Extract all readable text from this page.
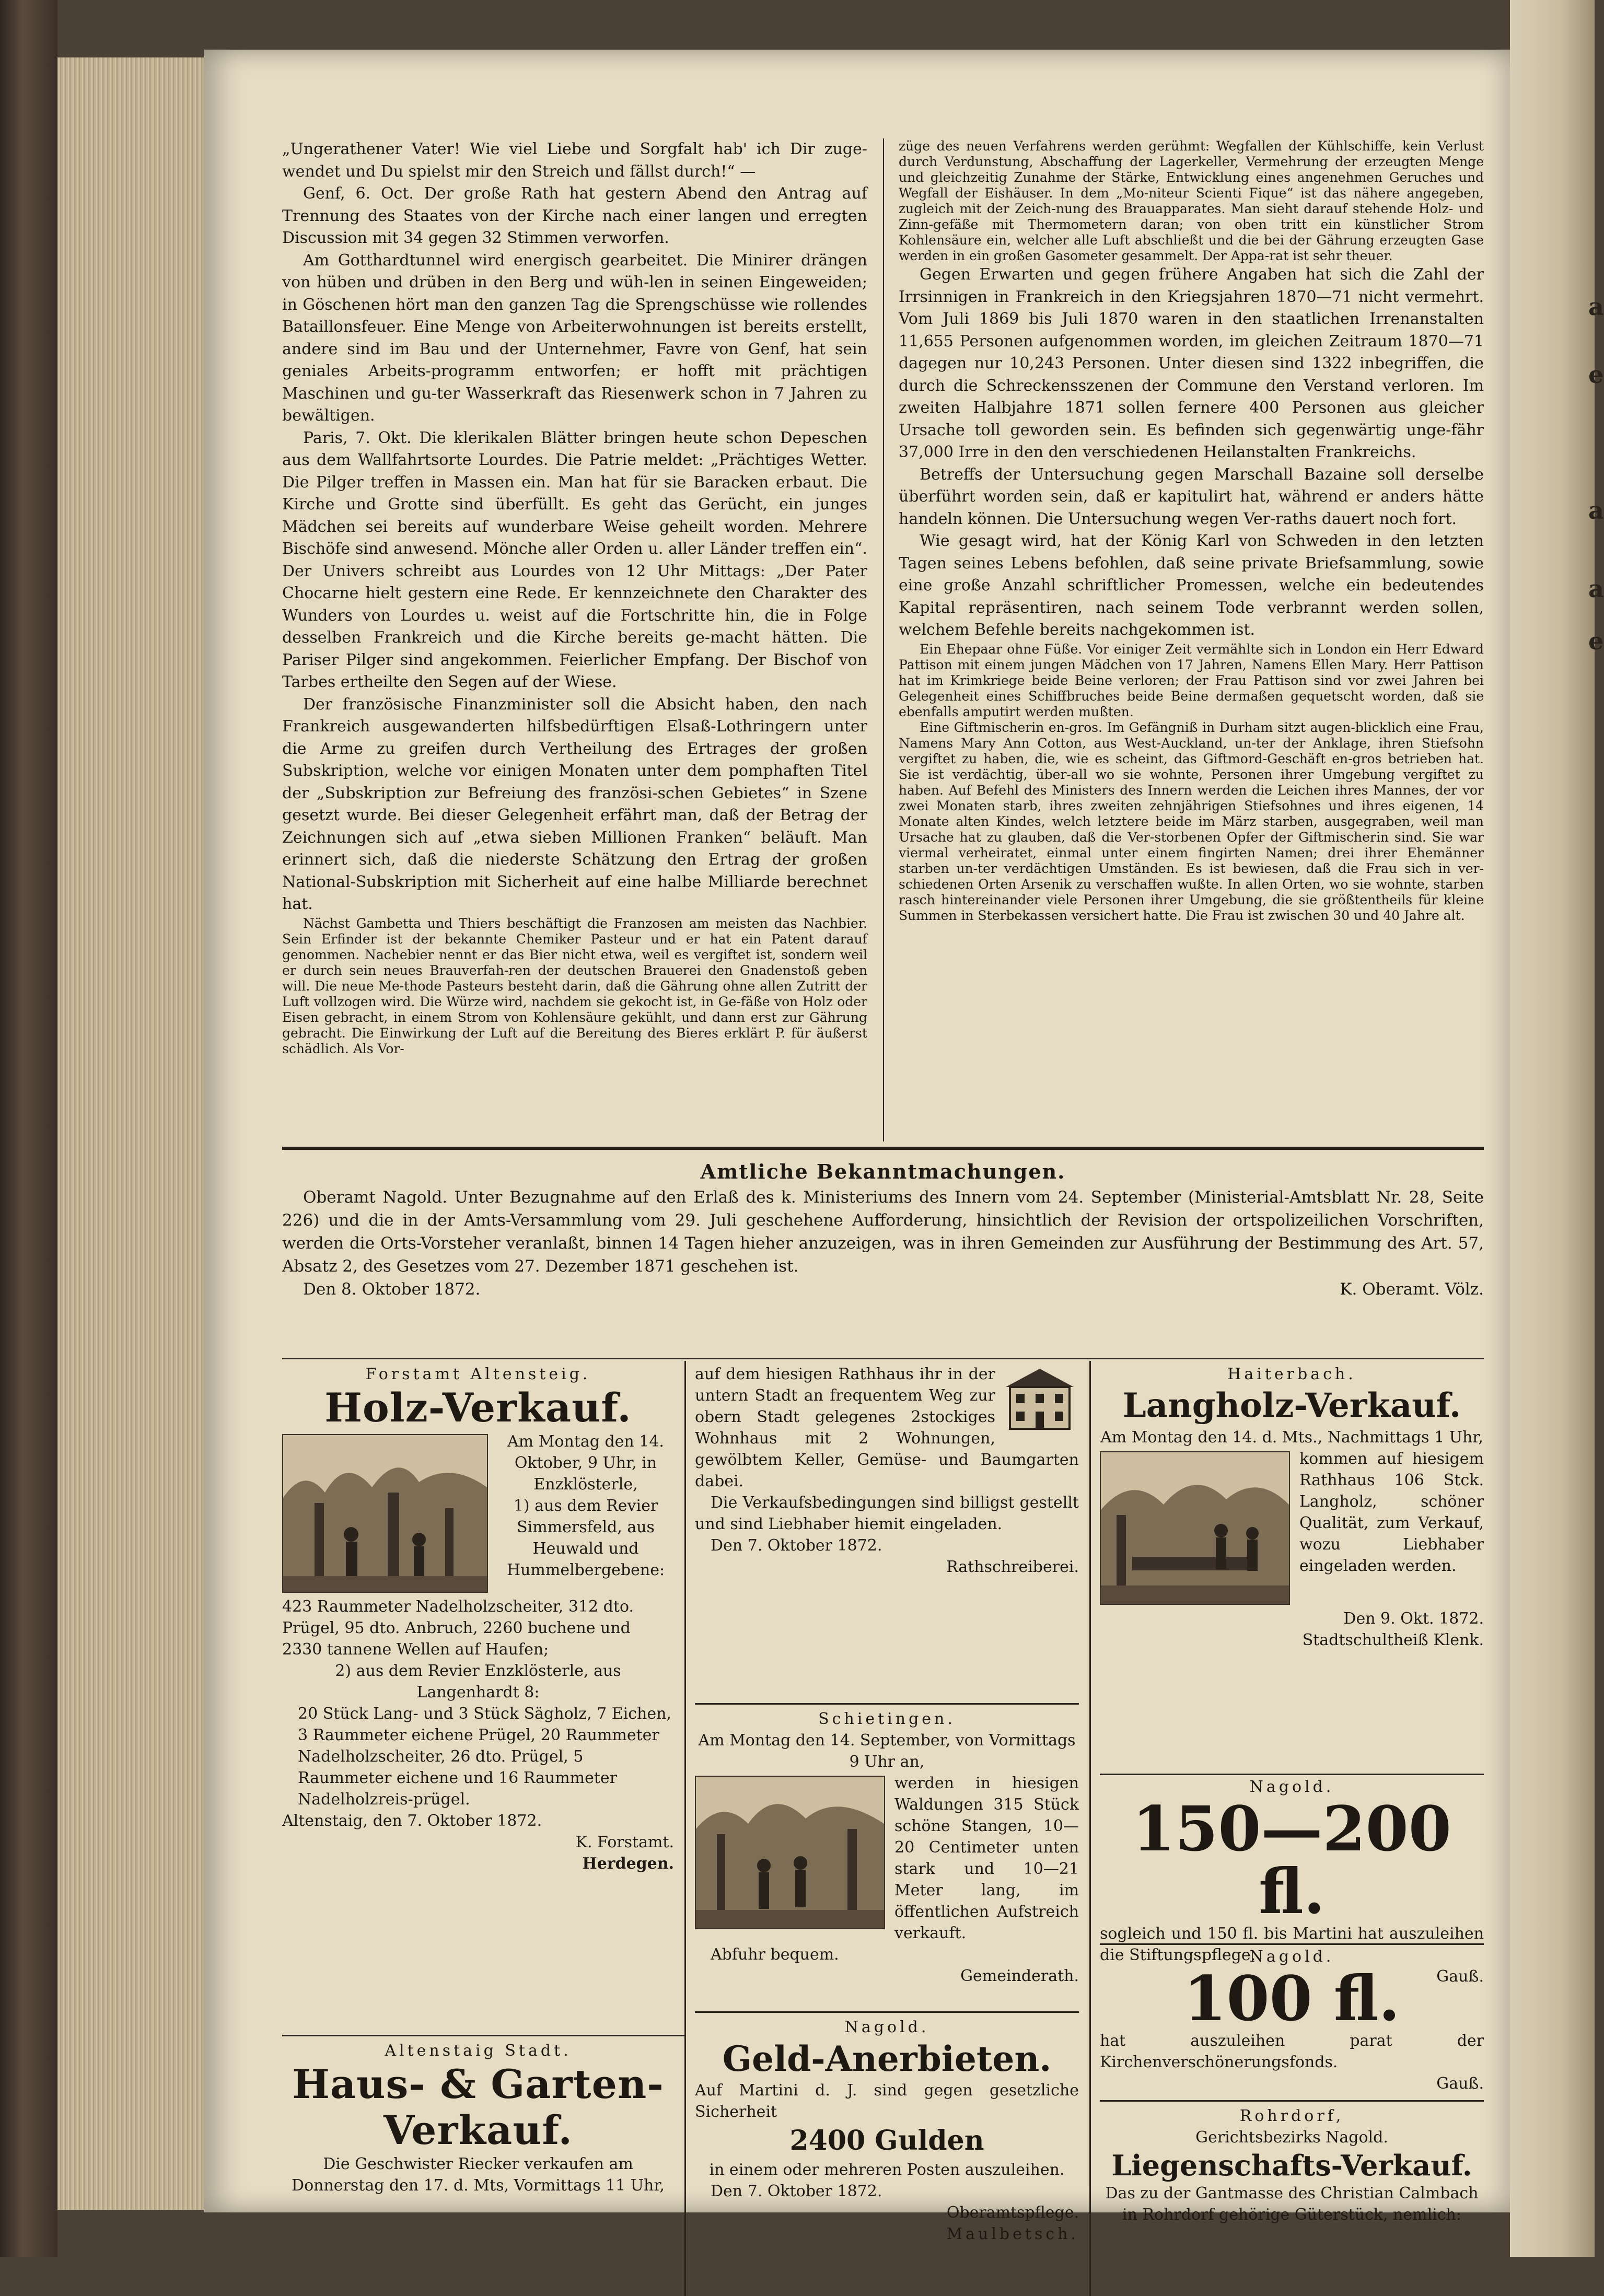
„Ungerathener Vater! Wie viel Liebe und Sorgfalt hab' ich Dir zuge-wendet und Du spielst mir den Streich und fällst durch!“ —

Genf, 6. Oct. Der große Rath hat gestern Abend den Antrag auf Trennung des Staates von der Kirche nach einer langen und erregten Discussion mit 34 gegen 32 Stimmen verworfen.

Am Gotthardtunnel wird energisch gearbeitet. Die Minirer drängen von hüben und drüben in den Berg und wüh-len in seinen Eingeweiden; in Göschenen hört man den ganzen Tag die Sprengschüsse wie rollendes Bataillonsfeuer. Eine Menge von Arbeiterwohnungen ist bereits erstellt, andere sind im Bau und der Unternehmer, Favre von Genf, hat sein geniales Arbeits-programm entworfen; er hofft mit prächtigen Maschinen und gu-ter Wasserkraft das Riesenwerk schon in 7 Jahren zu bewältigen.

Paris, 7. Okt. Die klerikalen Blätter bringen heute schon Depeschen aus dem Wallfahrtsorte Lourdes. Die Patrie meldet: „Prächtiges Wetter. Die Pilger treffen in Massen ein. Man hat für sie Baracken erbaut. Die Kirche und Grotte sind überfüllt. Es geht das Gerücht, ein junges Mädchen sei bereits auf wunderbare Weise geheilt worden. Mehrere Bischöfe sind anwesend. Mönche aller Orden u. aller Länder treffen ein“. Der Univers schreibt aus Lourdes von 12 Uhr Mittags: „Der Pater Chocarne hielt gestern eine Rede. Er kennzeichnete den Charakter des Wunders von Lourdes u. weist auf die Fortschritte hin, die in Folge desselben Frankreich und die Kirche bereits ge-macht hätten. Die Pariser Pilger sind angekommen. Feierlicher Empfang. Der Bischof von Tarbes ertheilte den Segen auf der Wiese.

Der französische Finanzminister soll die Absicht haben, den nach Frankreich ausgewanderten hilfsbedürftigen Elsaß-Lothringern unter die Arme zu greifen durch Vertheilung des Ertrages der großen Subskription, welche vor einigen Monaten unter dem pomphaften Titel der „Subskription zur Befreiung des französi-schen Gebietes“ in Szene gesetzt wurde. Bei dieser Gelegenheit erfährt man, daß der Betrag der Zeichnungen sich auf „etwa sieben Millionen Franken“ beläuft. Man erinnert sich, daß die niederste Schätzung den Ertrag der großen National-Subskription mit Sicherheit auf eine halbe Milliarde berechnet hat.

Nächst Gambetta und Thiers beschäftigt die Franzosen am meisten das Nachbier. Sein Erfinder ist der bekannte Chemiker Pasteur und er hat ein Patent darauf genommen. Nachebier nennt er das Bier nicht etwa, weil es vergiftet ist, sondern weil er durch sein neues Brauverfah-ren der deutschen Brauerei den Gnadenstoß geben will. Die neue Me-thode Pasteurs besteht darin, daß die Gährung ohne allen Zutritt der Luft vollzogen wird. Die Würze wird, nachdem sie gekocht ist, in Ge-fäße von Holz oder Eisen gebracht, in einem Strom von Kohlensäure gekühlt, und dann erst zur Gährung gebracht. Die Einwirkung der Luft auf die Bereitung des Bieres erklärt P. für äußerst schädlich. Als Vor-

züge des neuen Verfahrens werden gerühmt: Wegfallen der Kühlschiffe, kein Verlust durch Verdunstung, Abschaffung der Lagerkeller, Vermehrung der erzeugten Menge und gleichzeitig Zunahme der Stärke, Entwicklung eines angenehmen Geruches und Wegfall der Eishäuser. In dem „Mo-niteur Scienti Fique“ ist das nähere angegeben, zugleich mit der Zeich-nung des Brauapparates. Man sieht darauf stehende Holz- und Zinn-gefäße mit Thermometern daran; von oben tritt ein künstlicher Strom Kohlensäure ein, welcher alle Luft abschließt und die bei der Gährung erzeugten Gase werden in ein großen Gasometer gesammelt. Der Appa-rat ist sehr theuer.

Gegen Erwarten und gegen frühere Angaben hat sich die Zahl der Irrsinnigen in Frankreich in den Kriegsjahren 1870—71 nicht vermehrt. Vom Juli 1869 bis Juli 1870 waren in den staatlichen Irrenanstalten 11,655 Personen aufgenommen worden, im gleichen Zeitraum 1870—71 dagegen nur 10,243 Personen. Unter diesen sind 1322 inbegriffen, die durch die Schreckensszenen der Commune den Verstand verloren. Im zweiten Halbjahre 1871 sollen fernere 400 Personen aus gleicher Ursache toll geworden sein. Es befinden sich gegenwärtig unge-fähr 37,000 Irre in den den verschiedenen Heilanstalten Frankreichs.

Betreffs der Untersuchung gegen Marschall Bazaine soll derselbe überführt worden sein, daß er kapitulirt hat, während er anders hätte handeln können. Die Untersuchung wegen Ver-raths dauert noch fort.

Wie gesagt wird, hat der König Karl von Schweden in den letzten Tagen seines Lebens befohlen, daß seine private Briefsammlung, sowie eine große Anzahl schriftlicher Promessen, welche ein bedeutendes Kapital repräsentiren, nach seinem Tode verbrannt werden sollen, welchem Befehle bereits nachgekommen ist.

Ein Ehepaar ohne Füße. Vor einiger Zeit vermählte sich in London ein Herr Edward Pattison mit einem jungen Mädchen von 17 Jahren, Namens Ellen Mary. Herr Pattison hat im Krimkriege beide Beine verloren; der Frau Pattison sind vor zwei Jahren bei Gelegenheit eines Schiffbruches beide Beine dermaßen gequetscht worden, daß sie ebenfalls amputirt werden mußten.

Eine Giftmischerin en-gros. Im Gefängniß in Durham sitzt augen-blicklich eine Frau, Namens Mary Ann Cotton, aus West-Auckland, un-ter der Anklage, ihren Stiefsohn vergiftet zu haben, die, wie es scheint, das Giftmord-Geschäft en-gros betrieben hat. Sie ist verdächtig, über-all wo sie wohnte, Personen ihrer Umgebung vergiftet zu haben. Auf Befehl des Ministers des Innern werden die Leichen ihres Mannes, der vor zwei Monaten starb, ihres zweiten zehnjährigen Stiefsohnes und ihres eigenen, 14 Monate alten Kindes, welch letztere beide im März starben, ausgegraben, weil man Ursache hat zu glauben, daß die Ver-storbenen Opfer der Giftmischerin sind. Sie war viermal verheiratet, einmal unter einem fingirten Namen; drei ihrer Ehemänner starben un-ter verdächtigen Umständen. Es ist bewiesen, daß die Frau sich in ver-schiedenen Orten Arsenik zu verschaffen wußte. In allen Orten, wo sie wohnte, starben rasch hintereinander viele Personen ihrer Umgebung, die sie größtentheils für kleine Summen in Sterbekassen versichert hatte. Die Frau ist zwischen 30 und 40 Jahre alt.

Amtliche Bekanntmachungen.

Oberamt Nagold. Unter Bezugnahme auf den Erlaß des k. Ministeriums des Innern vom 24. September (Ministerial-Amtsblatt Nr. 28, Seite 226) und die in der Amts-Versammlung vom 29. Juli geschehene Aufforderung, hinsichtlich der Revision der ortspolizeilichen Vorschriften, werden die Orts-Vorsteher veranlaßt, binnen 14 Tagen hieher anzuzeigen, was in ihren Gemeinden zur Ausführung der Bestimmung des Art. 57, Absatz 2, des Gesetzes vom 27. Dezember 1871 geschehen ist.

Den 8. Oktober 1872.	K. Oberamt. Völz.

Forstamt Altensteig.

Holz-Verkauf.

Am Montag den 14. Oktober, 9 Uhr, in Enzklösterle,

1) aus dem Revier Simmersfeld, aus Heuwald und Hummelbergebene:

423 Raummeter Nadelholzscheiter, 312 dto. Prügel, 95 dto. Anbruch, 2260 buchene und 2330 tannene Wellen auf Haufen;

2) aus dem Revier Enzklösterle, aus Langenhardt 8:

20 Stück Lang- und 3 Stück Sägholz, 7 Eichen, 3 Raummeter eichene Prügel, 20 Raummeter Nadelholzscheiter, 26 dto. Prügel, 5 Raummeter eichene und 16 Raummeter Nadelholzreis-prügel.

Altenstaig, den 7. Oktober 1872.

K. Forstamt.

Herdegen.

Altenstaig Stadt.

Haus- & Garten-

Verkauf.

Die Geschwister Riecker verkaufen am Donnerstag den 17. d. Mts, Vormittags 11 Uhr,

auf dem hiesigen Rathhaus ihr in der untern Stadt an frequentem Weg zur obern Stadt gelegenes 2stockiges Wohnhaus mit 2 Wohnungen, gewölbtem Keller, Gemüse- und Baumgarten dabei.

Die Verkaufsbedingungen sind billigst gestellt und sind Liebhaber hiemit eingeladen.

Den 7. Oktober 1872.

Rathschreiberei.

Schietingen.

Am Montag den 14. September, von Vormittags 9 Uhr an,

werden in hiesigen Waldungen 315 Stück schöne Stangen, 10—20 Centimeter unten stark und 10—21 Meter lang, im öffentlichen Aufstreich verkauft.

Abfuhr bequem.

Gemeinderath.

Nagold.

Geld-Anerbieten.

Auf Martini d. J. sind gegen gesetzliche Sicherheit

2400 Gulden

in einem oder mehreren Posten auszuleihen.

Den 7. Oktober 1872.

Oberamtspflege.

Maulbetsch.

Haiterbach.

Langholz-Verkauf.

Am Montag den 14. d. Mts., Nachmittags 1 Uhr,

kommen auf hiesigem Rathhaus 106 Stck. Langholz, schöner Qualität, zum Verkauf, wozu Liebhaber eingeladen werden.

Den 9. Okt. 1872.

Stadtschultheiß Klenk.

Nagold.

150—200 fl.

sogleich und 150 fl. bis Martini hat auszuleihen die Stiftungspflege.

Gauß.

Nagold.

100 fl.

hat auszuleihen parat der Kirchenverschönerungsfonds.

Gauß.

Rohrdorf,

Gerichtsbezirks Nagold.

Liegenschafts-Verkauf.

Das zu der Gantmasse des Christian Calmbach in Rohrdorf gehörige Güterstück, nemlich:

a
e
a
a
e
